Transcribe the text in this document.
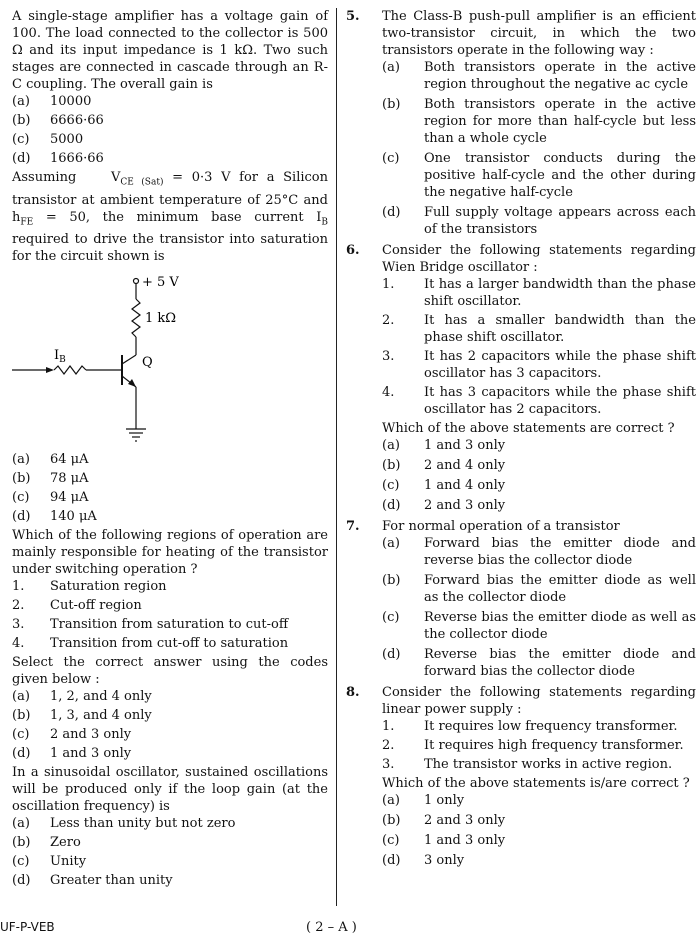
A single-stage amplifier has a voltage gain of 100. The load connected to the collector is 500 Ω and its input impedance is 1 kΩ. Two such stages are connected in cascade through an R-C coupling. The overall gain is
(a)	10000
(b)	6666·66
(c)	5000
(d)	1666·66
Assuming	$V_{CE (Sat)} = 0\cdot 3$ V for a Silicon transistor at ambient temperature of 25°C and $h_{FE} = 50$, the minimum base current $I_B$ required to drive the transistor into saturation for the circuit shown is
+ 5 V
1 kΩ
Q
$I_B$
(a)	64 μA
(b)	78 μA
(c)	94 μA
(d)	140 μA
Which of the following regions of operation are mainly responsible for heating of the transistor under switching operation ?
1.	Saturation region
2.	Cut-off region
3.	Transition from saturation to cut-off
4.	Transition from cut-off to saturation
Select the correct answer using the codes given below :
(a)	1, 2, and 4 only
(b)	1, 3, and 4 only
(c)	2 and 3 only
(d)	1 and 3 only
In a sinusoidal oscillator, sustained oscillations will be produced only if the loop gain (at the oscillation frequency) is
(a)	Less than unity but not zero
(b)	Zero
(c)	Unity
(d)	Greater than unity
5. The Class-B push-pull amplifier is an efficient two-transistor circuit, in which the two transistors operate in the following way :
(a)	Both transistors operate in the active region throughout the negative ac cycle
(b)	Both transistors operate in the active region for more than half-cycle but less than a whole cycle
(c)	One transistor conducts during the positive half-cycle and the other during the negative half-cycle
(d)	Full supply voltage appears across each of the transistors
6. Consider the following statements regarding Wien Bridge oscillator :
1.	It has a larger bandwidth than the phase shift oscillator.
2.	It has a smaller bandwidth than the phase shift oscillator.
3.	It has 2 capacitors while the phase shift oscillator has 3 capacitors.
4.	It has 3 capacitors while the phase shift oscillator has 2 capacitors.
Which of the above statements are correct ?
(a)	1 and 3 only
(b)	2 and 4 only
(c)	1 and 4 only
(d)	2 and 3 only
7. For normal operation of a transistor
(a)	Forward bias the emitter diode and reverse bias the collector diode
(b)	Forward bias the emitter diode as well as the collector diode
(c)	Reverse bias the emitter diode as well as the collector diode
(d)	Reverse bias the emitter diode and forward bias the collector diode
8. Consider the following statements regarding linear power supply :
1.	It requires low frequency transformer.
2.	It requires high frequency transformer.
3.	The transistor works in active region.
Which of the above statements is/are correct ?
(a)	1 only
(b)	2 and 3 only
(c)	1 and 3 only
(d)	3 only
UF-P-VEB	( 2 – A )
